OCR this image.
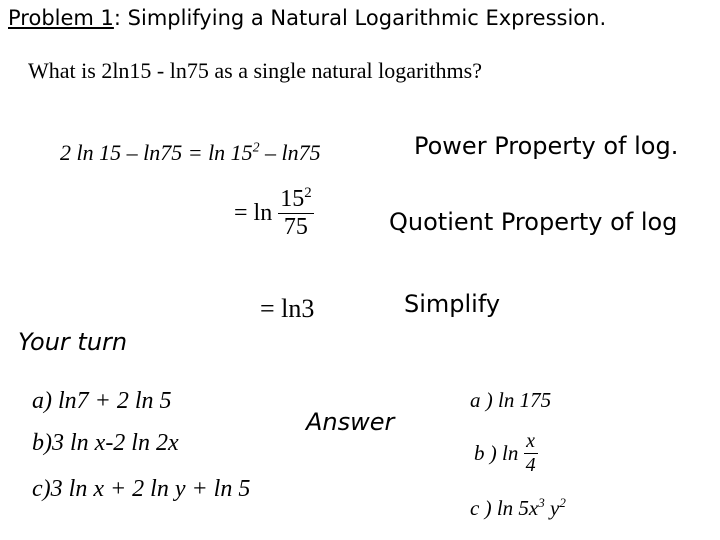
Problem 1: Simplifying a Natural Logarithmic Expression.
What is 2ln15 - ln75 as a single natural logarithms?
2 $\ln 15 - \ln 75 = \ln 15^2 - \ln 75$	Power Property of log.
= $\ln \frac{15^2}{75}$	Quotient Property of log
= ln3	Simplify
Your turn
a) ln7 + 2 ln 5
b)3 ln x-2 ln 2x
c)3 ln x + 2 ln y + ln 5
Answer
a ) ln 175
b ) $\ln \frac{x}{4}$
c ) $\ln 5x^3$ $y^2$
